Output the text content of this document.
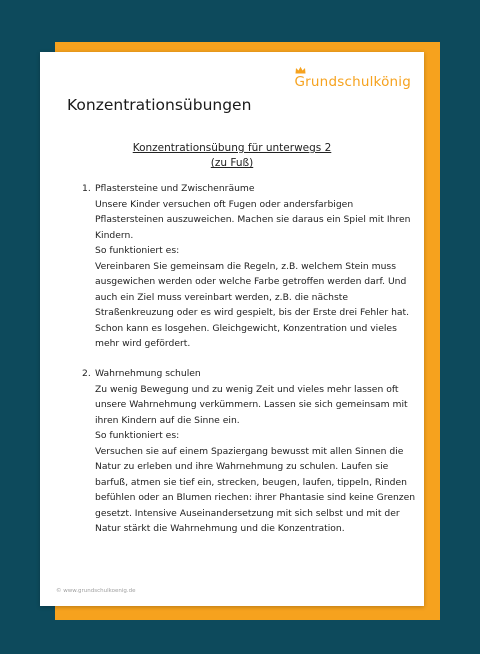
Grundschulkönig
Konzentrationsübungen
Konzentrationsübung für unterwegs 2
(zu Fuß)
1. Pflastersteine und Zwischenräume
Unsere Kinder versuchen oft Fugen oder andersfarbigen
Pflastersteinen auszuweichen. Machen sie daraus ein Spiel mit Ihren
Kindern.
So funktioniert es:
Vereinbaren Sie gemeinsam die Regeln, z.B. welchem Stein muss
ausgewichen werden oder welche Farbe getroffen werden darf. Und
auch ein Ziel muss vereinbart werden, z.B. die nächste
Straßenkreuzung oder es wird gespielt, bis der Erste drei Fehler hat.
Schon kann es losgehen. Gleichgewicht, Konzentration und vieles
mehr wird gefördert.
2. Wahrnehmung schulen
Zu wenig Bewegung und zu wenig Zeit und vieles mehr lassen oft
unsere Wahrnehmung verkümmern. Lassen sie sich gemeinsam mit
ihren Kindern auf die Sinne ein.
So funktioniert es:
Versuchen sie auf einem Spaziergang bewusst mit allen Sinnen die
Natur zu erleben und ihre Wahrnehmung zu schulen. Laufen sie
barfuß, atmen sie tief ein, strecken, beugen, laufen, tippeln, Rinden
befühlen oder an Blumen riechen: ihrer Phantasie sind keine Grenzen
gesetzt. Intensive Auseinandersetzung mit sich selbst und mit der
Natur stärkt die Wahrnehmung und die Konzentration.
© www.grundschulkoenig.de
